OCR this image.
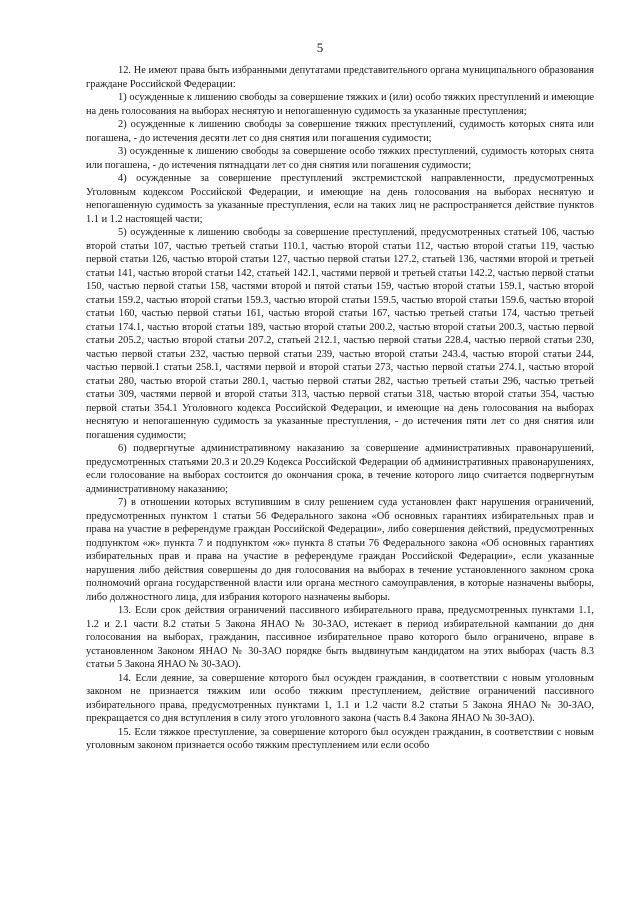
5

12. Не имеют права быть избранными депутатами представительного органа муниципального образования граждане Российской Федерации:

1) осужденные к лишению свободы за совершение тяжких и (или) особо тяжких преступлений и имеющие на день голосования на выборах неснятую и непогашенную судимость за указанные преступления;

2) осужденные к лишению свободы за совершение тяжких преступлений, судимость которых снята или погашена, - до истечения десяти лет со дня снятия или погашения судимости;

3) осужденные к лишению свободы за совершение особо тяжких преступлений, судимость которых снята или погашена, - до истечения пятнадцати лет со дня снятия или погашения судимости;

4) осужденные за совершение преступлений экстремистской направленности, предусмотренных Уголовным кодексом Российской Федерации, и имеющие на день голосования на выборах неснятую и непогашенную судимость за указанные преступления, если на таких лиц не распространяется действие пунктов 1.1 и 1.2 настоящей части;

5) осужденные к лишению свободы за совершение преступлений, предусмотренных статьей 106, частью второй статьи 107, частью третьей статьи 110.1, частью второй статьи 112, частью второй статьи 119, частью первой статьи 126, частью второй статьи 127, частью первой статьи 127.2, статьей 136, частями второй и третьей статьи 141, частью второй статьи 142, статьей 142.1, частями первой и третьей статьи 142.2, частью первой статьи 150, частью первой статьи 158, частями второй и пятой статьи 159, частью второй статьи 159.1, частью второй статьи 159.2, частью второй статьи 159.3, частью второй статьи 159.5, частью второй статьи 159.6, частью второй статьи 160, частью первой статьи 161, частью второй статьи 167, частью третьей статьи 174, частью третьей статьи 174.1, частью второй статьи 189, частью второй статьи 200.2, частью второй статьи 200.3, частью первой статьи 205.2, частью второй статьи 207.2, статьей 212.1, частью первой статьи 228.4, частью первой статьи 230, частью первой статьи 232, частью первой статьи 239, частью второй статьи 243.4, частью второй статьи 244, частью первой.1 статьи 258.1, частями первой и второй статьи 273, частью первой статьи 274.1, частью второй статьи 280, частью второй статьи 280.1, частью первой статьи 282, частью третьей статьи 296, частью третьей статьи 309, частями первой и второй статьи 313, частью первой статьи 318, частью второй статьи 354, частью первой статьи 354.1 Уголовного кодекса Российской Федерации, и имеющие на день голосования на выборах неснятую и непогашенную судимость за указанные преступления, - до истечения пяти лет со дня снятия или погашения судимости;

6) подвергнутые административному наказанию за совершение административных правонарушений, предусмотренных статьями 20.3 и 20.29 Кодекса Российской Федерации об административных правонарушениях, если голосование на выборах состоится до окончания срока, в течение которого лицо считается подвергнутым административному наказанию;

7) в отношении которых вступившим в силу решением суда установлен факт нарушения ограничений, предусмотренных пунктом 1 статьи 56 Федерального закона «Об основных гарантиях избирательных прав и права на участие в референдуме граждан Российской Федерации», либо совершения действий, предусмотренных подпунктом «ж» пункта 7 и подпунктом «ж» пункта 8 статьи 76 Федерального закона «Об основных гарантиях избирательных прав и права на участие в референдуме граждан Российской Федерации», если указанные нарушения либо действия совершены до дня голосования на выборах в течение установленного законом срока полномочий органа государственной власти или органа местного самоуправления, в которые назначены выборы, либо должностного лица, для избрания которого назначены выборы.

13. Если срок действия ограничений пассивного избирательного права, предусмотренных пунктами 1.1, 1.2 и 2.1 части 8.2 статьи 5 Закона ЯНАО № 30-ЗАО, истекает в период избирательной кампании до дня голосования на выборах, гражданин, пассивное избирательное право которого было ограничено, вправе в установленном Законом ЯНАО № 30-ЗАО порядке быть выдвинутым кандидатом на этих выборах (часть 8.3 статьи 5 Закона ЯНАО № 30-ЗАО).

14. Если деяние, за совершение которого был осужден гражданин, в соответствии с новым уголовным законом не признается тяжким или особо тяжким преступлением, действие ограничений пассивного избирательного права, предусмотренных пунктами 1, 1.1 и 1.2 части 8.2 статьи 5 Закона ЯНАО № 30-ЗАО, прекращается со дня вступления в силу этого уголовного закона (часть 8.4 Закона ЯНАО № 30-ЗАО).

15. Если тяжкое преступление, за совершение которого был осужден гражданин, в соответствии с новым уголовным законом признается особо тяжким преступлением или если особо
